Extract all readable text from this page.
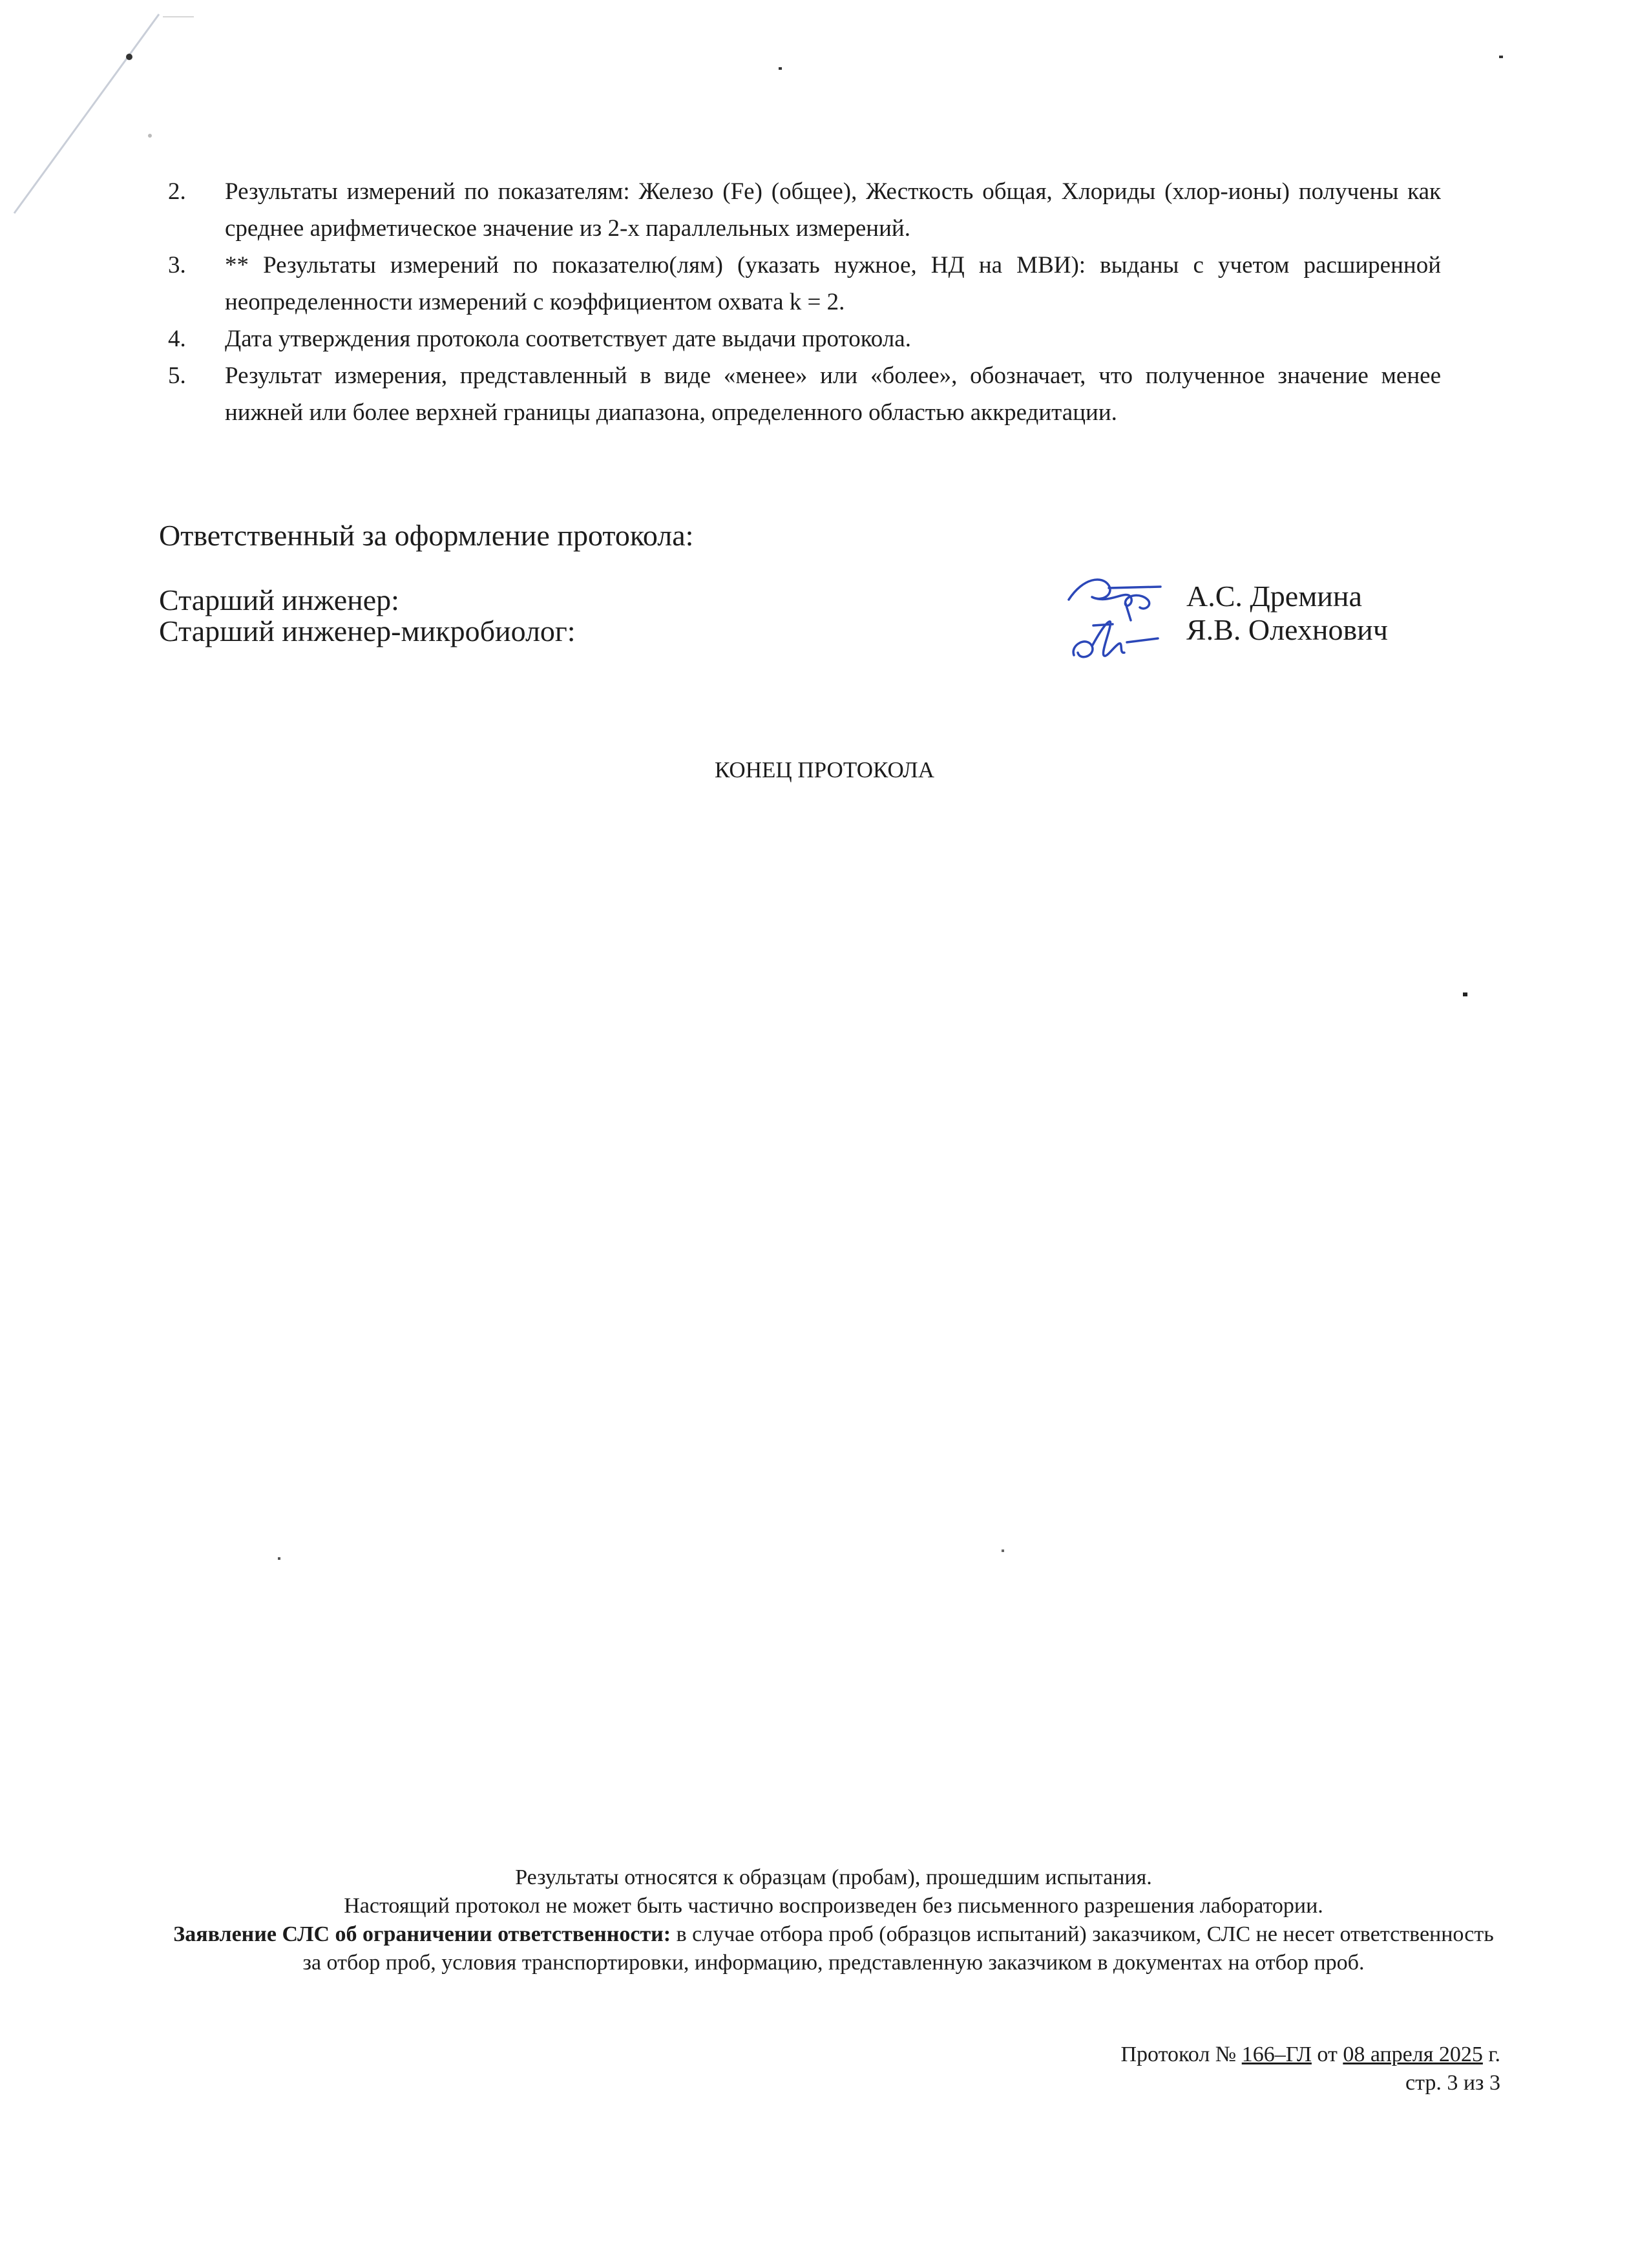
2. Результаты измерений по показателям: Железо (Fe) (общее), Жесткость общая, Хлориды (хлор-ионы) получены как среднее арифметическое значение из 2-х параллельных измерений.
3. ** Результаты измерений по показателю(лям) (указать нужное, НД на МВИ): выданы с учетом расширенной неопределенности измерений с коэффициентом охвата k = 2.
4. Дата утверждения протокола соответствует дате выдачи протокола.
5. Результат измерения, представленный в виде «менее» или «более», обозначает, что полученное значение менее нижней или более верхней границы диапазона, определенного областью аккредитации.
Ответственный за оформление протокола:
Старший инженер:
Старший инженер-микробиолог:
А.С. Дремина
Я.В. Олехнович
КОНЕЦ ПРОТОКОЛА
Результаты относятся к образцам (пробам), прошедшим испытания.
Настоящий протокол не может быть частично воспроизведен без письменного разрешения лаборатории.
Заявление СЛС об ограничении ответственности: в случае отбора проб (образцов испытаний) заказчиком, СЛС не несет ответственность за отбор проб, условия транспортировки, информацию, представленную заказчиком в документах на отбор проб.
Протокол № 166–ГЛ от 08 апреля 2025 г.
стр. 3 из 3
